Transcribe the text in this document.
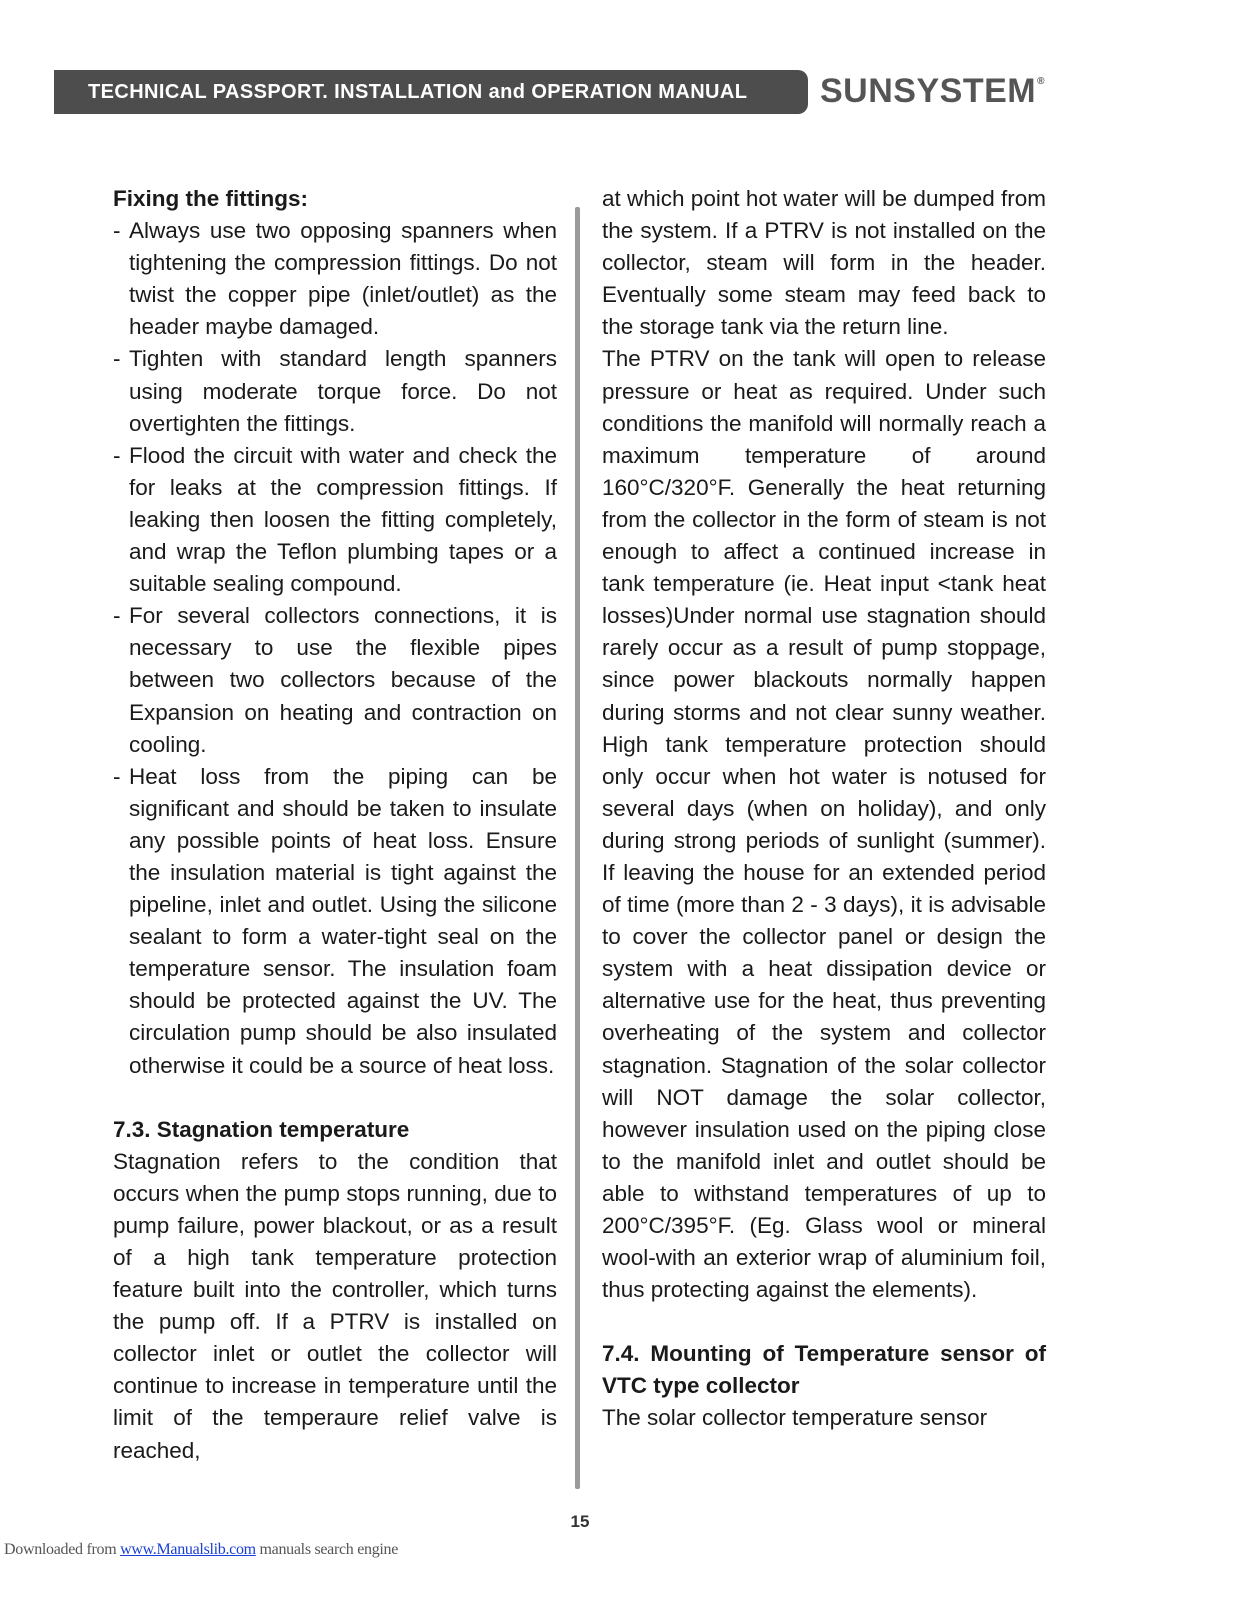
TECHNICAL PASSPORT. INSTALLATION and OPERATION MANUAL SUNSYSTEM ®
Fixing the fittings:
- Always use two opposing spanners when tightening the compression fittings. Do not twist the copper pipe (inlet/outlet) as the header maybe damaged.
- Tighten with standard length spanners using moderate torque force. Do not overtighten the fittings.
- Flood the circuit with water and check the for leaks at the compression fittings. If leaking then loosen the fitting completely, and wrap the Teflon plumbing tapes or a suitable sealing compound.
- For several collectors connections, it is necessary to use the flexible pipes between two collectors because of the Expansion on heating and contraction on cooling.
- Heat loss from the piping can be significant and should be taken to insulate any possible points of heat loss. Ensure the insulation material is tight against the pipeline, inlet and outlet. Using the silicone sealant to form a water-tight seal on the temperature sensor. The insulation foam should be protected against the UV. The circulation pump should be also insulated otherwise it could be a source of heat loss.
7.3. Stagnation temperature

Stagnation refers to the condition that occurs when the pump stops running, due to pump failure, power blackout, or as a result of a high tank temperature protection feature built into the controller, which turns the pump off. If a PTRV is installed on collector inlet or outlet the collector will continue to increase in temperature until the limit of the temperaure relief valve is reached,

at which point hot water will be dumped from the system. If a PTRV is not installed on the collector, steam will form in the header. Eventually some steam may feed back to the storage tank via the return line.

The PTRV on the tank will open to release pressure or heat as required. Under such conditions the manifold will normally reach a maximum temperature of around 160°C/320°F. Generally the heat returning from the collector in the form of steam is not enough to affect a continued increase in tank temperature (ie. Heat input <tank heat losses)Under normal use stagnation should rarely occur as a result of pump stoppage, since power blackouts normally happen during storms and not clear sunny weather. High tank temperature protection should only occur when hot water is notused for several days (when on holiday), and only during strong periods of sunlight (summer). If leaving the house for an extended period of time (more than 2 - 3 days), it is advisable to cover the collector panel or design the system with a heat dissipation device or alternative use for the heat, thus preventing overheating of the system and collector stagnation. Stagnation of the solar collector will NOT damage the solar collector, however insulation used on the piping close to the manifold inlet and outlet should be able to withstand temperatures of up to 200°C/395°F. (Eg. Glass wool or mineral wool-with an exterior wrap of aluminium foil, thus protecting against the elements).

7.4. Mounting of Temperature sensor of VTC type collector

The solar collector temperature sensor

15
Downloaded from www.Manualslib.com manuals search engine
